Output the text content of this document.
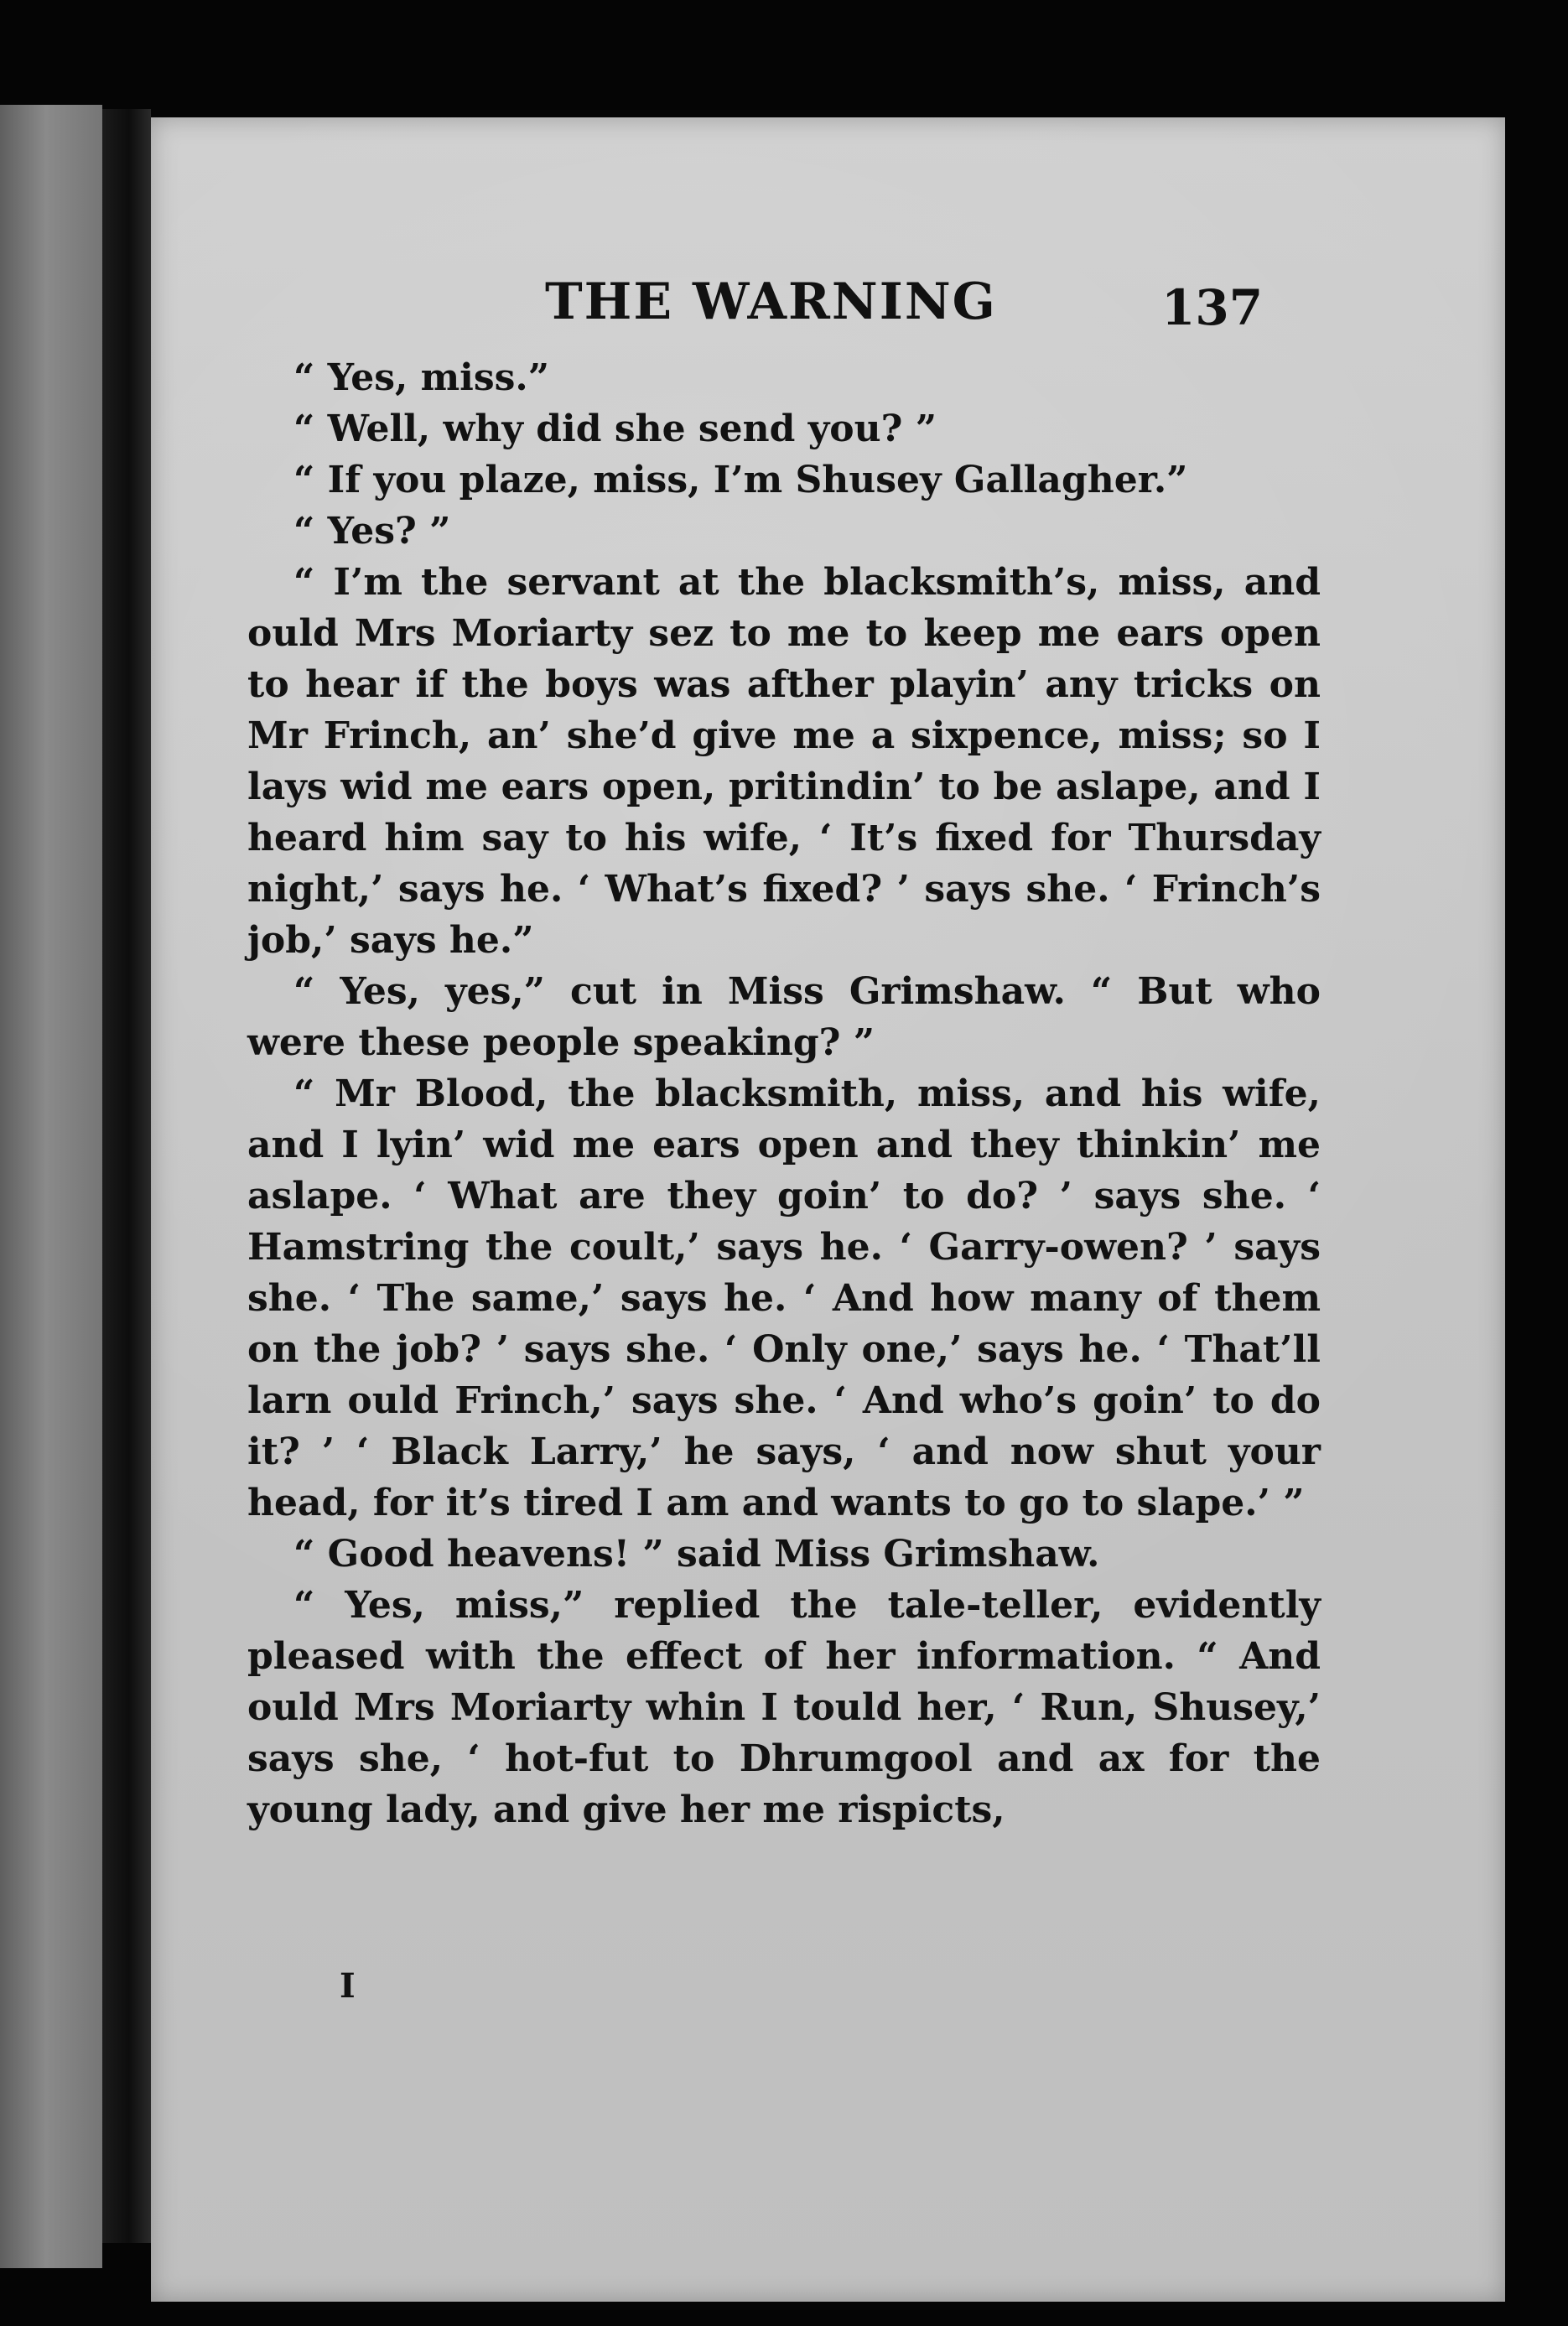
THE WARNING	137

“ Yes, miss.”

“ Well, why did she send you? ”

“ If you plaze, miss, I’m Shusey Gallagher.”

“ Yes? ”

“ I’m the servant at the blacksmith’s, miss, and ould Mrs Moriarty sez to me to keep me ears open to hear if the boys was afther playin’ any tricks on Mr Frinch, an’ she’d give me a sixpence, miss; so I lays wid me ears open, pritindin’ to be aslape, and I heard him say to his wife, ‘ It’s fixed for Thursday night,’ says he. ‘ What’s fixed? ’ says she. ‘ Frinch’s job,’ says he.”

“ Yes, yes,” cut in Miss Grimshaw. “ But who were these people speaking? ”

“ Mr Blood, the blacksmith, miss, and his wife, and I lyin’ wid me ears open and they thinkin’ me aslape. ‘ What are they goin’ to do? ’ says she. ‘ Hamstring the coult,’ says he. ‘ Garry-owen? ’ says she. ‘ The same,’ says he. ‘ And how many of them on the job? ’ says she. ‘ Only one,’ says he. ‘ That’ll larn ould Frinch,’ says she. ‘ And who’s goin’ to do it? ’ ‘ Black Larry,’ he says, ‘ and now shut your head, for it’s tired I am and wants to go to slape.’ ”

“ Good heavens! ” said Miss Grimshaw.

“ Yes, miss,” replied the tale-teller, evidently pleased with the effect of her information. “ And ould Mrs Moriarty whin I tould her, ‘ Run, Shusey,’ says she, ‘ hot-fut to Dhrumgool and ax for the young lady, and give her me rispicts,

I
